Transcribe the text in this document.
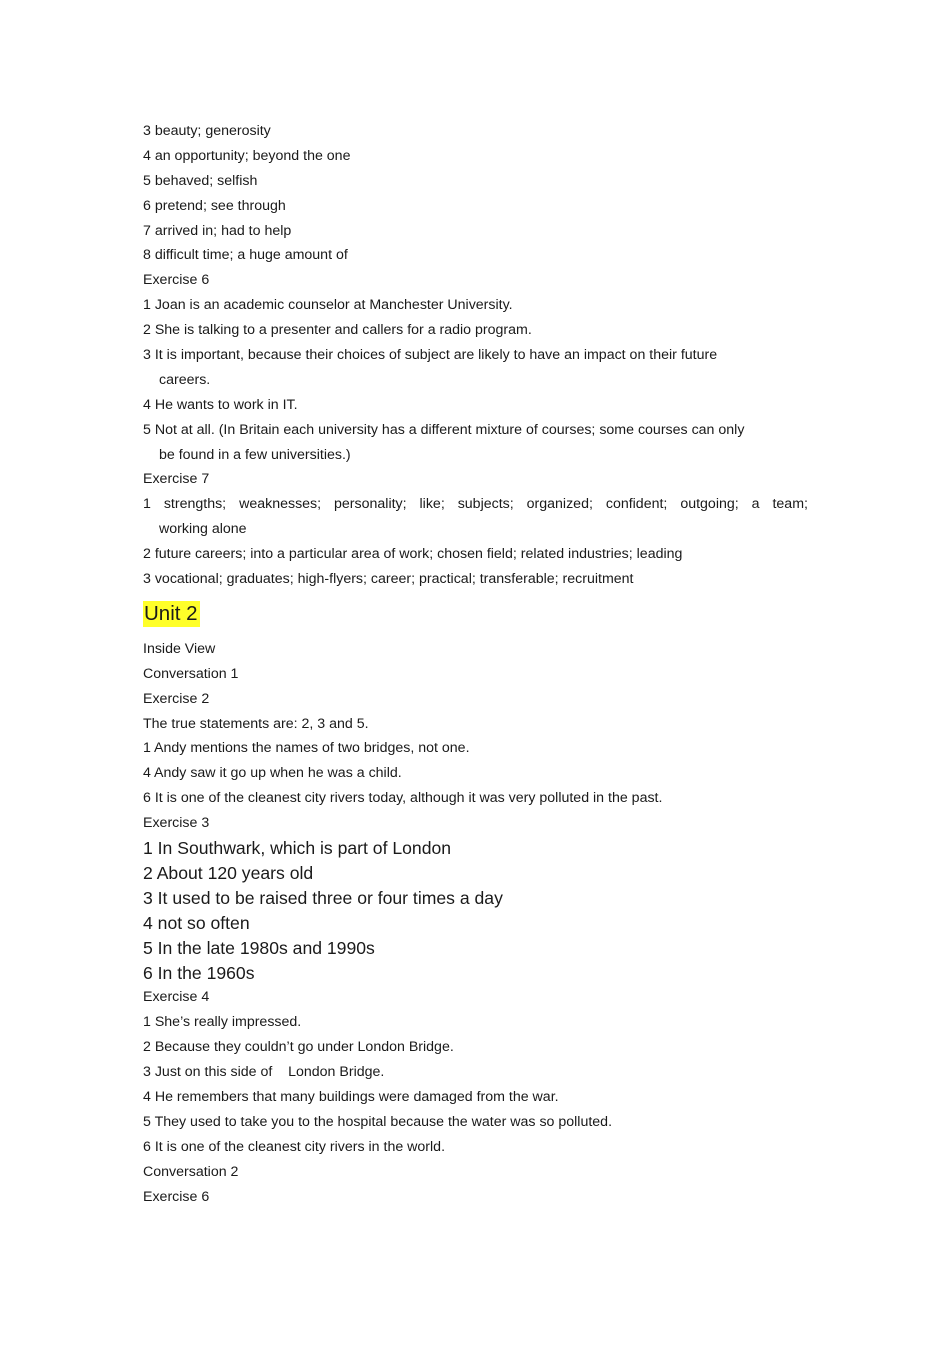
3 beauty; generosity
4 an opportunity; beyond the one
5 behaved; selfish
6 pretend; see through
7 arrived in; had to help
8 difficult time; a huge amount of
Exercise 6
1 Joan is an academic counselor at Manchester University.
2 She is talking to a presenter and callers for a radio program.
3 It is important, because their choices of subject are likely to have an impact on their future
careers.
4 He wants to work in IT.
5 Not at all. (In Britain each university has a different mixture of courses; some courses can only
be found in a few universities.)
Exercise 7
1 strengths; weaknesses; personality; like; subjects; organized; confident; outgoing; a team;
working alone
2 future careers; into a particular area of work; chosen field; related industries; leading
3 vocational; graduates; high-flyers; career; practical; transferable; recruitment
Unit 2
Inside View
Conversation 1
Exercise 2
The true statements are: 2, 3 and 5.
1 Andy mentions the names of two bridges, not one.
4 Andy saw it go up when he was a child.
6 It is one of the cleanest city rivers today, although it was very polluted in the past.
Exercise 3
1 In Southwark, which is part of London
2 About 120 years old
3 It used to be raised three or four times a day
4 not so often
5 In the late 1980s and 1990s
6 In the 1960s
Exercise 4
1 She’s really impressed.
2 Because they couldn’t go under London Bridge.
3 Just on this side of    London Bridge.
4 He remembers that many buildings were damaged from the war.
5 They used to take you to the hospital because the water was so polluted.
6 It is one of the cleanest city rivers in the world.
Conversation 2
Exercise 6
